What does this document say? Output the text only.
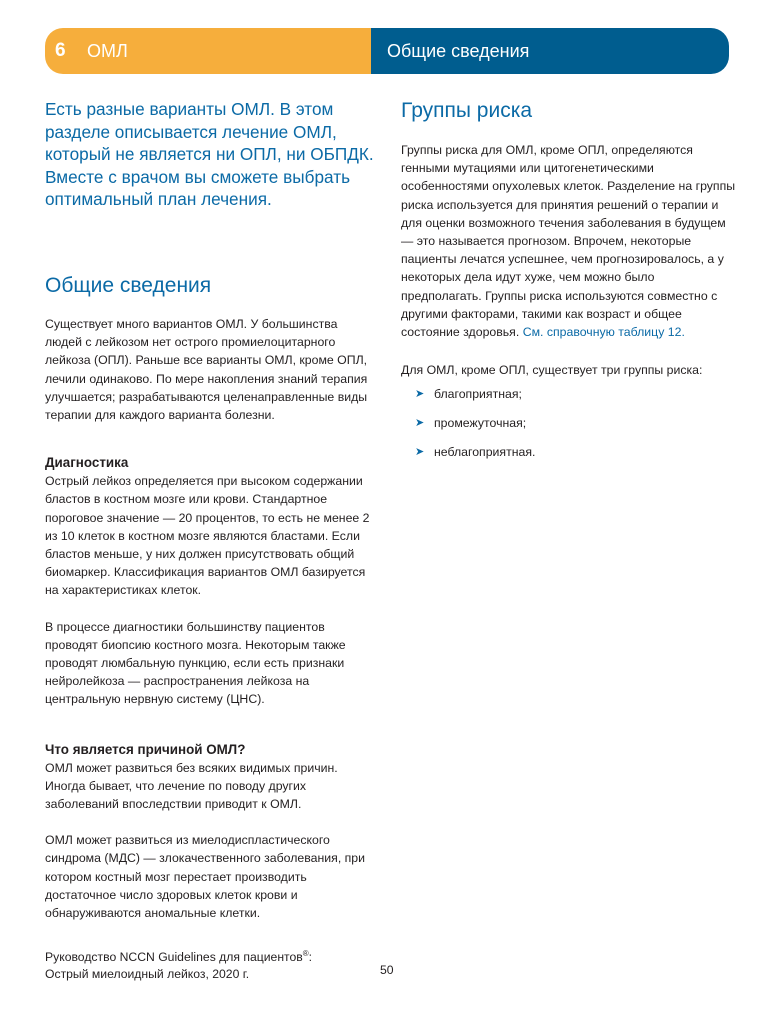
6	ОМЛ	Общие сведения

Есть разные варианты ОМЛ. В этом разделе описывается лечение ОМЛ, который не является ни ОПЛ, ни ОБПДК. Вместе с врачом вы сможете выбрать оптимальный план лечения.

Общие сведения

Существует много вариантов ОМЛ. У большинства людей с лейкозом нет острого промиелоцитарного лейкоза (ОПЛ). Раньше все варианты ОМЛ, кроме ОПЛ, лечили одинаково. По мере накопления знаний терапия улучшается; разрабатываются целенаправленные виды терапии для каждого варианта болезни.

Диагностика

Острый лейкоз определяется при высоком содержании бластов в костном мозге или крови. Стандартное пороговое значение — 20 процентов, то есть не менее 2 из 10 клеток в костном мозге являются бластами. Если бластов меньше, у них должен присутствовать общий биомаркер. Классификация вариантов ОМЛ базируется на характеристиках клеток.

В процессе диагностики большинству пациентов проводят биопсию костного мозга. Некоторым также проводят люмбальную пункцию, если есть признаки нейролейкоза — распространения лейкоза на центральную нервную систему (ЦНС).

Что является причиной ОМЛ?

ОМЛ может развиться без всяких видимых причин. Иногда бывает, что лечение по поводу других заболеваний впоследствии приводит к ОМЛ.

ОМЛ может развиться из миелодиспластического синдрома (МДС) — злокачественного заболевания, при котором костный мозг перестает производить достаточное число здоровых клеток крови и обнаруживаются аномальные клетки.

Группы риска

Группы риска для ОМЛ, кроме ОПЛ, определяются генными мутациями или цитогенетическими особенностями опухолевых клеток. Разделение на группы риска используется для принятия решений о терапии и для оценки возможного течения заболевания в будущем — это называется прогнозом. Впрочем, некоторые пациенты лечатся успешнее, чем прогнозировалось, а у некоторых дела идут хуже, чем можно было предполагать. Группы риска используются совместно с другими факторами, такими как возраст и общее состояние здоровья. См. справочную таблицу 12.

Для ОМЛ, кроме ОПЛ, существует три группы риска:

➤ благоприятная;
➤ промежуточная;
➤ неблагоприятная.
Руководство NCCN Guidelines для пациентов®:
Острый миелоидный лейкоз, 2020 г.	50
